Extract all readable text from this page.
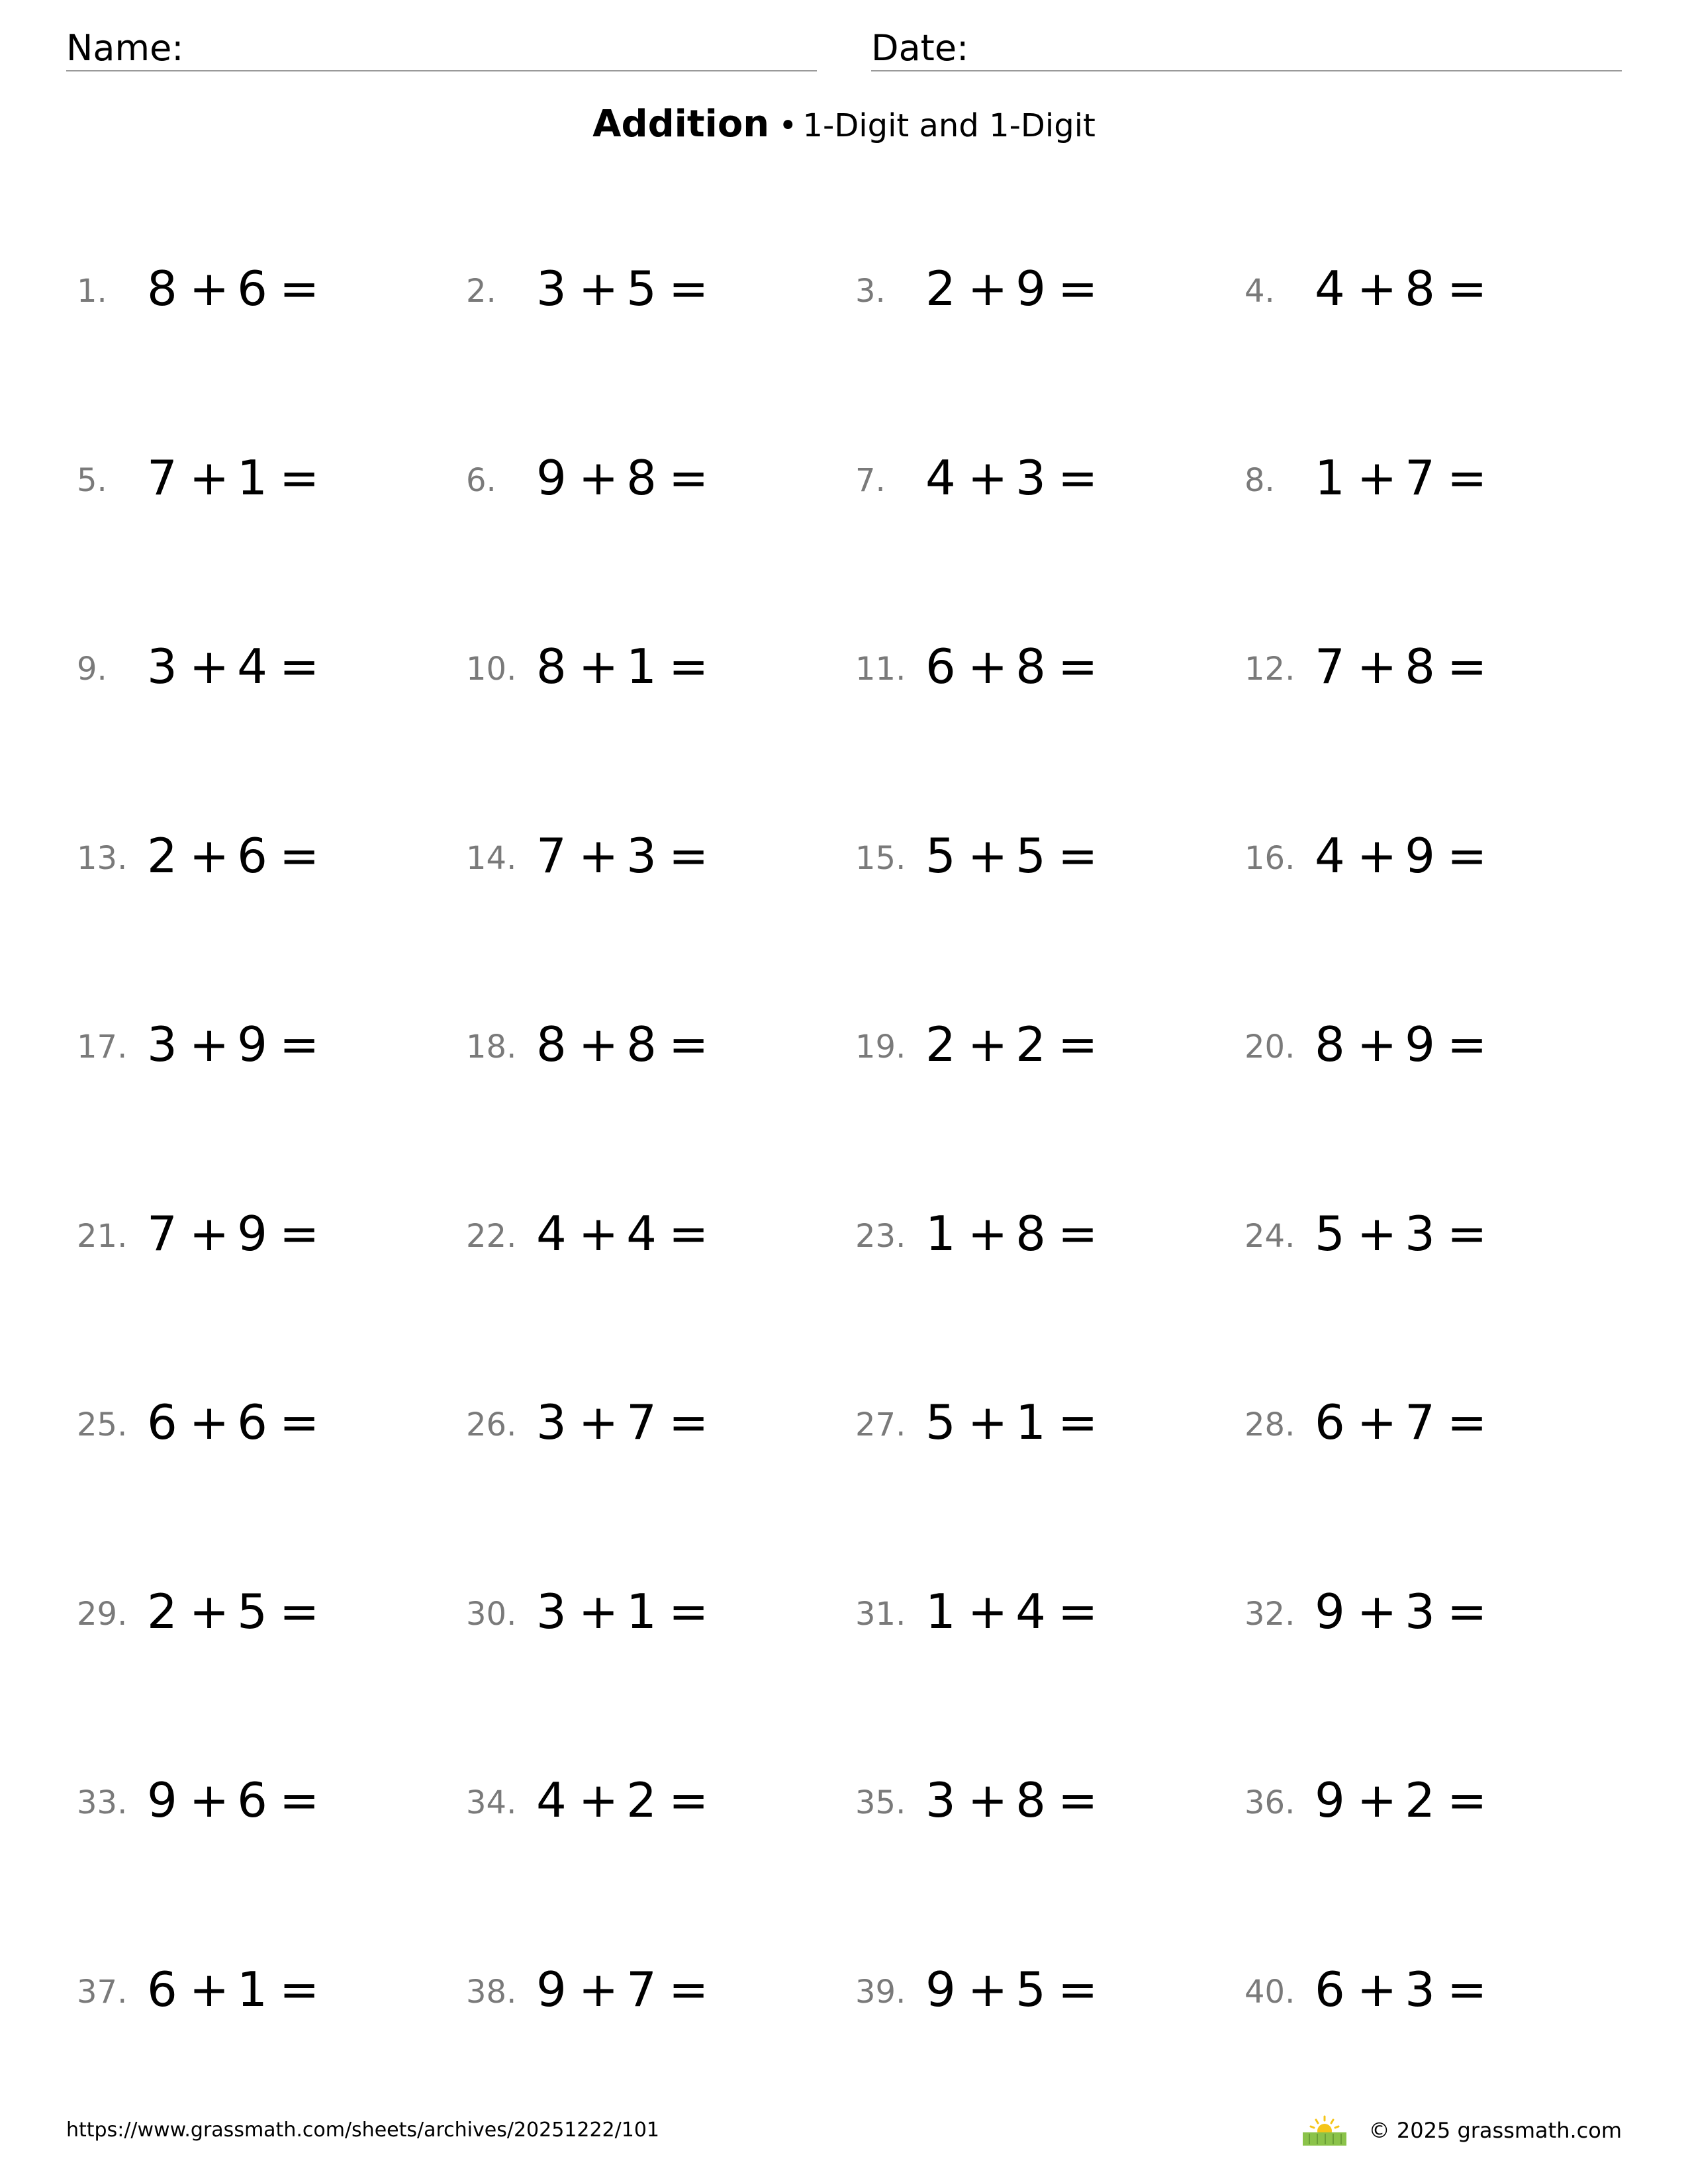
Name:	Date:
Addition • 1-Digit and 1-Digit
1. 8 + 6 =	2. 3 + 5 =	3. 2 + 9 =	4. 4 + 8 =
5. 7 + 1 =	6. 9 + 8 =	7. 4 + 3 =	8. 1 + 7 =
9. 3 + 4 =	10. 8 + 1 =	11. 6 + 8 =	12. 7 + 8 =
13. 2 + 6 =	14. 7 + 3 =	15. 5 + 5 =	16. 4 + 9 =
17. 3 + 9 =	18. 8 + 8 =	19. 2 + 2 =	20. 8 + 9 =
21. 7 + 9 =	22. 4 + 4 =	23. 1 + 8 =	24. 5 + 3 =
25. 6 + 6 =	26. 3 + 7 =	27. 5 + 1 =	28. 6 + 7 =
29. 2 + 5 =	30. 3 + 1 =	31. 1 + 4 =	32. 9 + 3 =
33. 9 + 6 =	34. 4 + 2 =	35. 3 + 8 =	36. 9 + 2 =
37. 6 + 1 =	38. 9 + 7 =	39. 9 + 5 =	40. 6 + 3 =
https://www.grassmath.com/sheets/archives/20251222/101	© 2025 grassmath.com
